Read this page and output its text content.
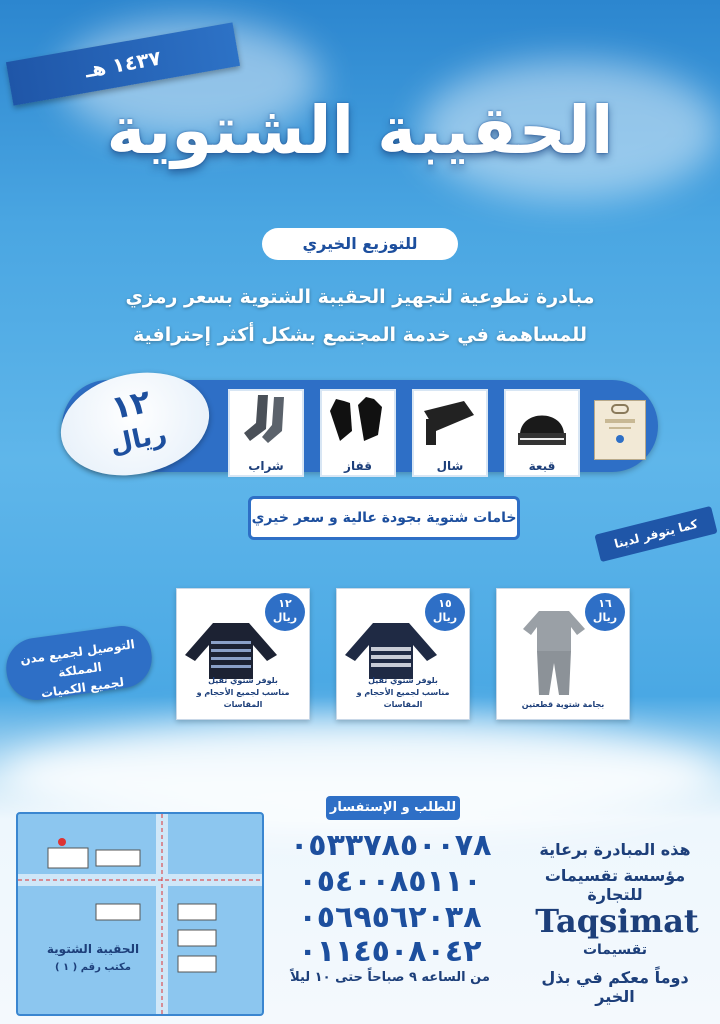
١٤٣٧ هـ
الحقيبة الشتوية
للتوزيع الخيري
مبادرة تطوعية لتجهيز الحقيبة الشتوية بسعر رمزي
للمساهمة في خدمة المجتمع بشكل أكثر إحترافية
١٢
ريال
قبعة
شال
قفاز
شراب
خامات شتوية بجودة عالية و سعر خيري	كما يتوفر لدينا
١٦
ريال
بجامة شتوية قطعتين
١٥
ريال
بلوفر شتوي ثقيل
مناسب لجميع الأحجام و المقاسات
١٢
ريال
بلوفر شتوي ثقيل
مناسب لجميع الأحجام و المقاسات
التوصيل لجميع مدن المملكة
لجميع الكميات
للطلب و الإستفسار
٠٥٣٣٧٨٥٠٠٧٨
٠٥٤٠٠٨٥١١٠
٠٥٦٩٥٦٢٠٣٨
٠١١٤٥٠٨٠٤٢
من الساعه ٩ صباحاً حتى ١٠ ليلاً
الحقيبة الشتوية
مكتب رقم ( ١ )
هذه المبادرة برعاية
مؤسسة تقسيمات للتجارة
Taqsimat
تقسيمات
دوماً معكم في بذل الخير
